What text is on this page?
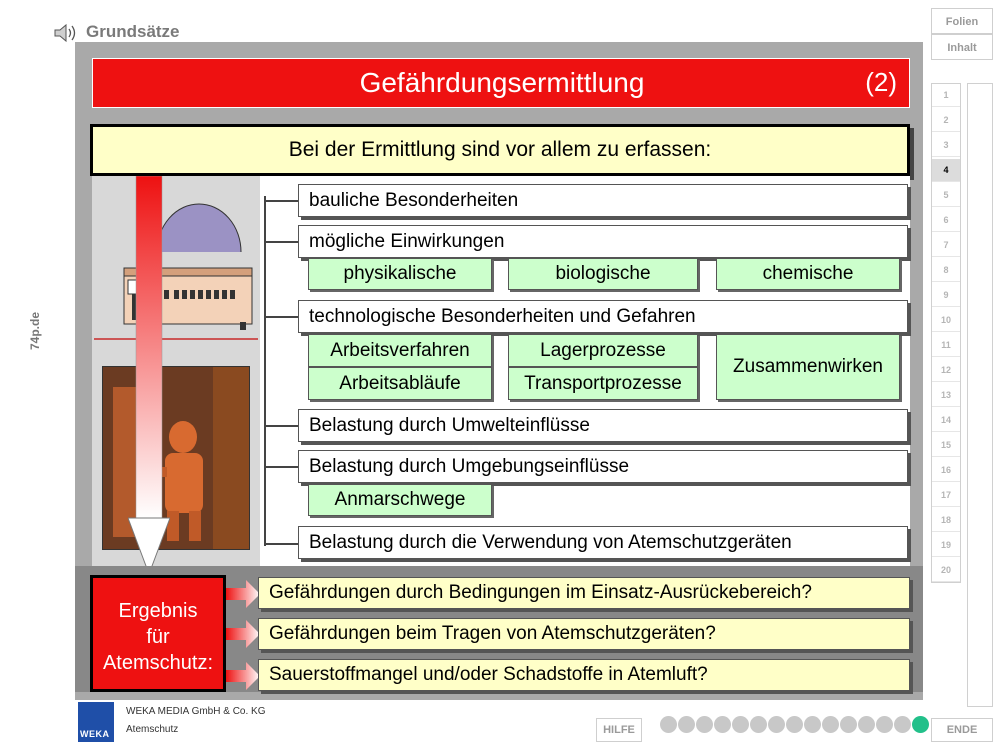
Grundsätze
Gefährdungsermittlung	(2)
Bei der Ermittlung sind vor allem zu erfassen:
bauliche Besonderheiten
mögliche Einwirkungen
physikalische	biologische	chemische
technologische Besonderheiten und Gefahren
Arbeitsverfahren	Lagerprozesse
Zusammenwirken
Arbeitsabläufe	Transportprozesse
Belastung durch Umwelteinflüsse
Belastung durch Umgebungseinflüsse
Anmarschwege
Belastung durch die Verwendung von Atemschutzgeräten
Ergebnis
für
Atemschutz:
Gefährdungen durch Bedingungen im Einsatz-Ausrückebereich?
Gefährdungen beim Tragen von Atemschutzgeräten?
Sauerstoffmangel und/oder Schadstoffe in Atemluft?
Folien
Inhalt
1
2
3
4
5
6
7
8
9
10
11
12
13
14
15
16
17
18
19
20
74p.de
WEKA
WEKA MEDIA GmbH & Co. KG
Atemschutz	HILFE	ENDE
